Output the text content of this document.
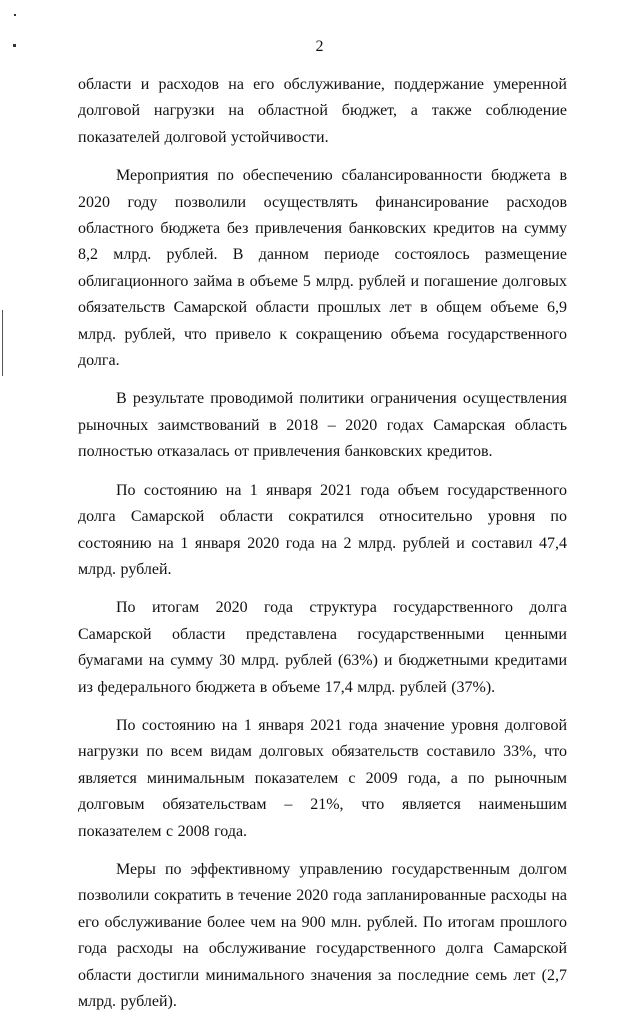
2

области и расходов на его обслуживание, поддержание умеренной долговой нагрузки на областной бюджет, а также соблюдение показателей долговой устойчивости.

Мероприятия по обеспечению сбалансированности бюджета в 2020 году позволили осуществлять финансирование расходов областного бюджета без привлечения банковских кредитов на сумму 8,2 млрд. рублей. В данном периоде состоялось размещение облигационного займа в объеме 5 млрд. рублей и погашение долговых обязательств Самарской области прошлых лет в общем объеме 6,9 млрд. рублей, что привело к сокращению объема государственного долга.

В результате проводимой политики ограничения осуществления рыночных заимствований в 2018 – 2020 годах Самарская область полностью отказалась от привлечения банковских кредитов.

По состоянию на 1 января 2021 года объем государственного долга Самарской области сократился относительно уровня по состоянию на 1 января 2020 года на 2 млрд. рублей и составил 47,4 млрд. рублей.

По итогам 2020 года структура государственного долга Самарской области представлена государственными ценными бумагами на сумму 30 млрд. рублей (63%) и бюджетными кредитами из федерального бюджета в объеме 17,4 млрд. рублей (37%).

По состоянию на 1 января 2021 года значение уровня долговой нагрузки по всем видам долговых обязательств составило 33%, что является минимальным показателем с 2009 года, а по рыночным долговым обязательствам – 21%, что является наименьшим показателем с 2008 года.

Меры по эффективному управлению государственным долгом позволили сократить в течение 2020 года запланированные расходы на его обслуживание более чем на 900 млн. рублей. По итогам прошлого года расходы на обслуживание государственного долга Самарской области достигли минимального значения за последние семь лет (2,7 млрд. рублей).
